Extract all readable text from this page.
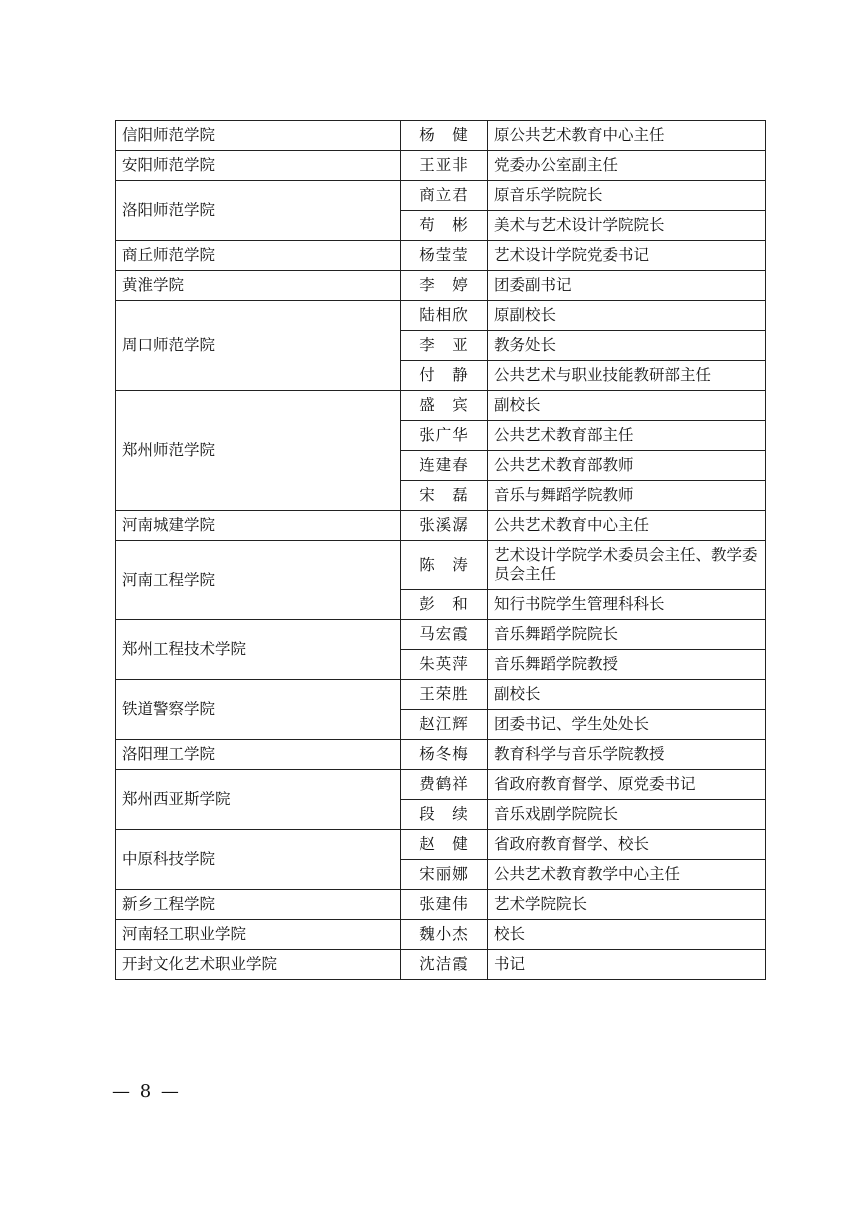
信阳师范学院	杨　健	原公共艺术教育中心主任
安阳师范学院	王亚非	党委办公室副主任
洛阳师范学院	商立君	原音乐学院院长
	苟　彬	美术与艺术设计学院院长
商丘师范学院	杨莹莹	艺术设计学院党委书记
黄淮学院	李　婷	团委副书记
周口师范学院	陆相欣	原副校长
	李　亚	教务处长
	付　静	公共艺术与职业技能教研部主任
郑州师范学院	盛　宾	副校长
	张广华	公共艺术教育部主任
	连建春	公共艺术教育部教师
	宋　磊	音乐与舞蹈学院教师
河南城建学院	张溪潺	公共艺术教育中心主任
河南工程学院	陈　涛	艺术设计学院学术委员会主任、教学委员会主任
	彭　和	知行书院学生管理科科长
郑州工程技术学院	马宏霞	音乐舞蹈学院院长
	朱英萍	音乐舞蹈学院教授
铁道警察学院	王荣胜	副校长
	赵江辉	团委书记、学生处处长
洛阳理工学院	杨冬梅	教育科学与音乐学院教授
郑州西亚斯学院	费鹤祥	省政府教育督学、原党委书记
	段　续	音乐戏剧学院院长
中原科技学院	赵　健	省政府教育督学、校长
	宋丽娜	公共艺术教育教学中心主任
新乡工程学院	张建伟	艺术学院院长
河南轻工职业学院	魏小杰	校长
开封文化艺术职业学院	沈洁霞	书记
— 8 —
